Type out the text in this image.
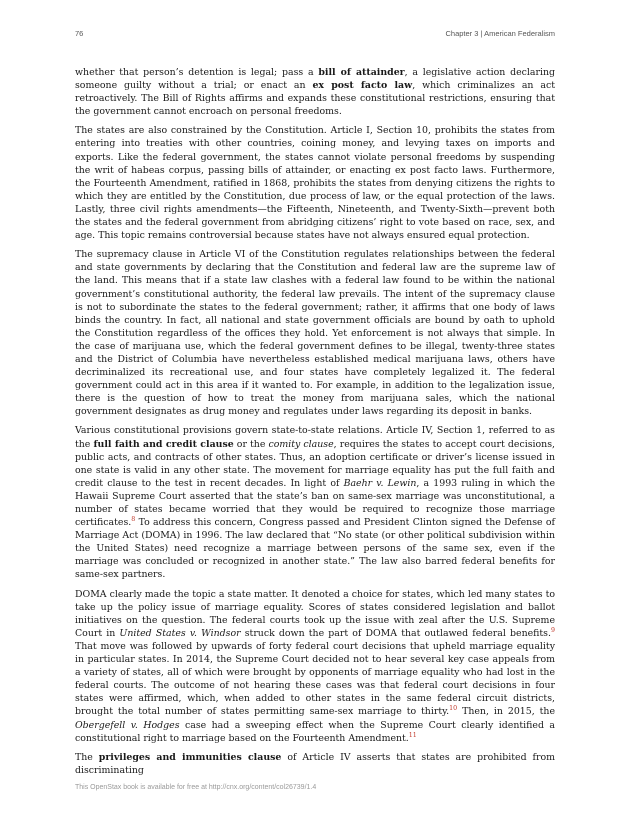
76	Chapter 3 | American Federalism

whether that person’s detention is legal; pass a bill of attainder, a legislative action declaring someone guilty without a trial; or enact an ex post facto law, which criminalizes an act retroactively. The Bill of Rights affirms and expands these constitutional restrictions, ensuring that the government cannot encroach on personal freedoms.

The states are also constrained by the Constitution. Article I, Section 10, prohibits the states from entering into treaties with other countries, coining money, and levying taxes on imports and exports. Like the federal government, the states cannot violate personal freedoms by suspending the writ of habeas corpus, passing bills of attainder, or enacting ex post facto laws. Furthermore, the Fourteenth Amendment, ratified in 1868, prohibits the states from denying citizens the rights to which they are entitled by the Constitution, due process of law, or the equal protection of the laws. Lastly, three civil rights amendments—the Fifteenth, Nineteenth, and Twenty-Sixth—prevent both the states and the federal government from abridging citizens’ right to vote based on race, sex, and age. This topic remains controversial because states have not always ensured equal protection.

The supremacy clause in Article VI of the Constitution regulates relationships between the federal and state governments by declaring that the Constitution and federal law are the supreme law of the land. This means that if a state law clashes with a federal law found to be within the national government’s constitutional authority, the federal law prevails. The intent of the supremacy clause is not to subordinate the states to the federal government; rather, it affirms that one body of laws binds the country. In fact, all national and state government officials are bound by oath to uphold the Constitution regardless of the offices they hold. Yet enforcement is not always that simple. In the case of marijuana use, which the federal government defines to be illegal, twenty-three states and the District of Columbia have nevertheless established medical marijuana laws, others have decriminalized its recreational use, and four states have completely legalized it. The federal government could act in this area if it wanted to. For example, in addition to the legalization issue, there is the question of how to treat the money from marijuana sales, which the national government designates as drug money and regulates under laws regarding its deposit in banks.

Various constitutional provisions govern state-to-state relations. Article IV, Section 1, referred to as the full faith and credit clause or the comity clause, requires the states to accept court decisions, public acts, and contracts of other states. Thus, an adoption certificate or driver’s license issued in one state is valid in any other state. The movement for marriage equality has put the full faith and credit clause to the test in recent decades. In light of Baehr v. Lewin, a 1993 ruling in which the Hawaii Supreme Court asserted that the state’s ban on same-sex marriage was unconstitutional, a number of states became worried that they would be required to recognize those marriage certificates.$^8$ To address this concern, Congress passed and President Clinton signed the Defense of Marriage Act (DOMA) in 1996. The law declared that “No state (or other political subdivision within the United States) need recognize a marriage between persons of the same sex, even if the marriage was concluded or recognized in another state.” The law also barred federal benefits for same-sex partners.

DOMA clearly made the topic a state matter. It denoted a choice for states, which led many states to take up the policy issue of marriage equality. Scores of states considered legislation and ballot initiatives on the question. The federal courts took up the issue with zeal after the U.S. Supreme Court in United States v. Windsor struck down the part of DOMA that outlawed federal benefits.$^9$ That move was followed by upwards of forty federal court decisions that upheld marriage equality in particular states. In 2014, the Supreme Court decided not to hear several key case appeals from a variety of states, all of which were brought by opponents of marriage equality who had lost in the federal courts. The outcome of not hearing these cases was that federal court decisions in four states were affirmed, which, when added to other states in the same federal circuit districts, brought the total number of states permitting same-sex marriage to thirty.$^{10}$ Then, in 2015, the Obergefell v. Hodges case had a sweeping effect when the Supreme Court clearly identified a constitutional right to marriage based on the Fourteenth Amendment.$^{11}$

The privileges and immunities clause of Article IV asserts that states are prohibited from discriminating

This OpenStax book is available for free at http://cnx.org/content/col26739/1.4
